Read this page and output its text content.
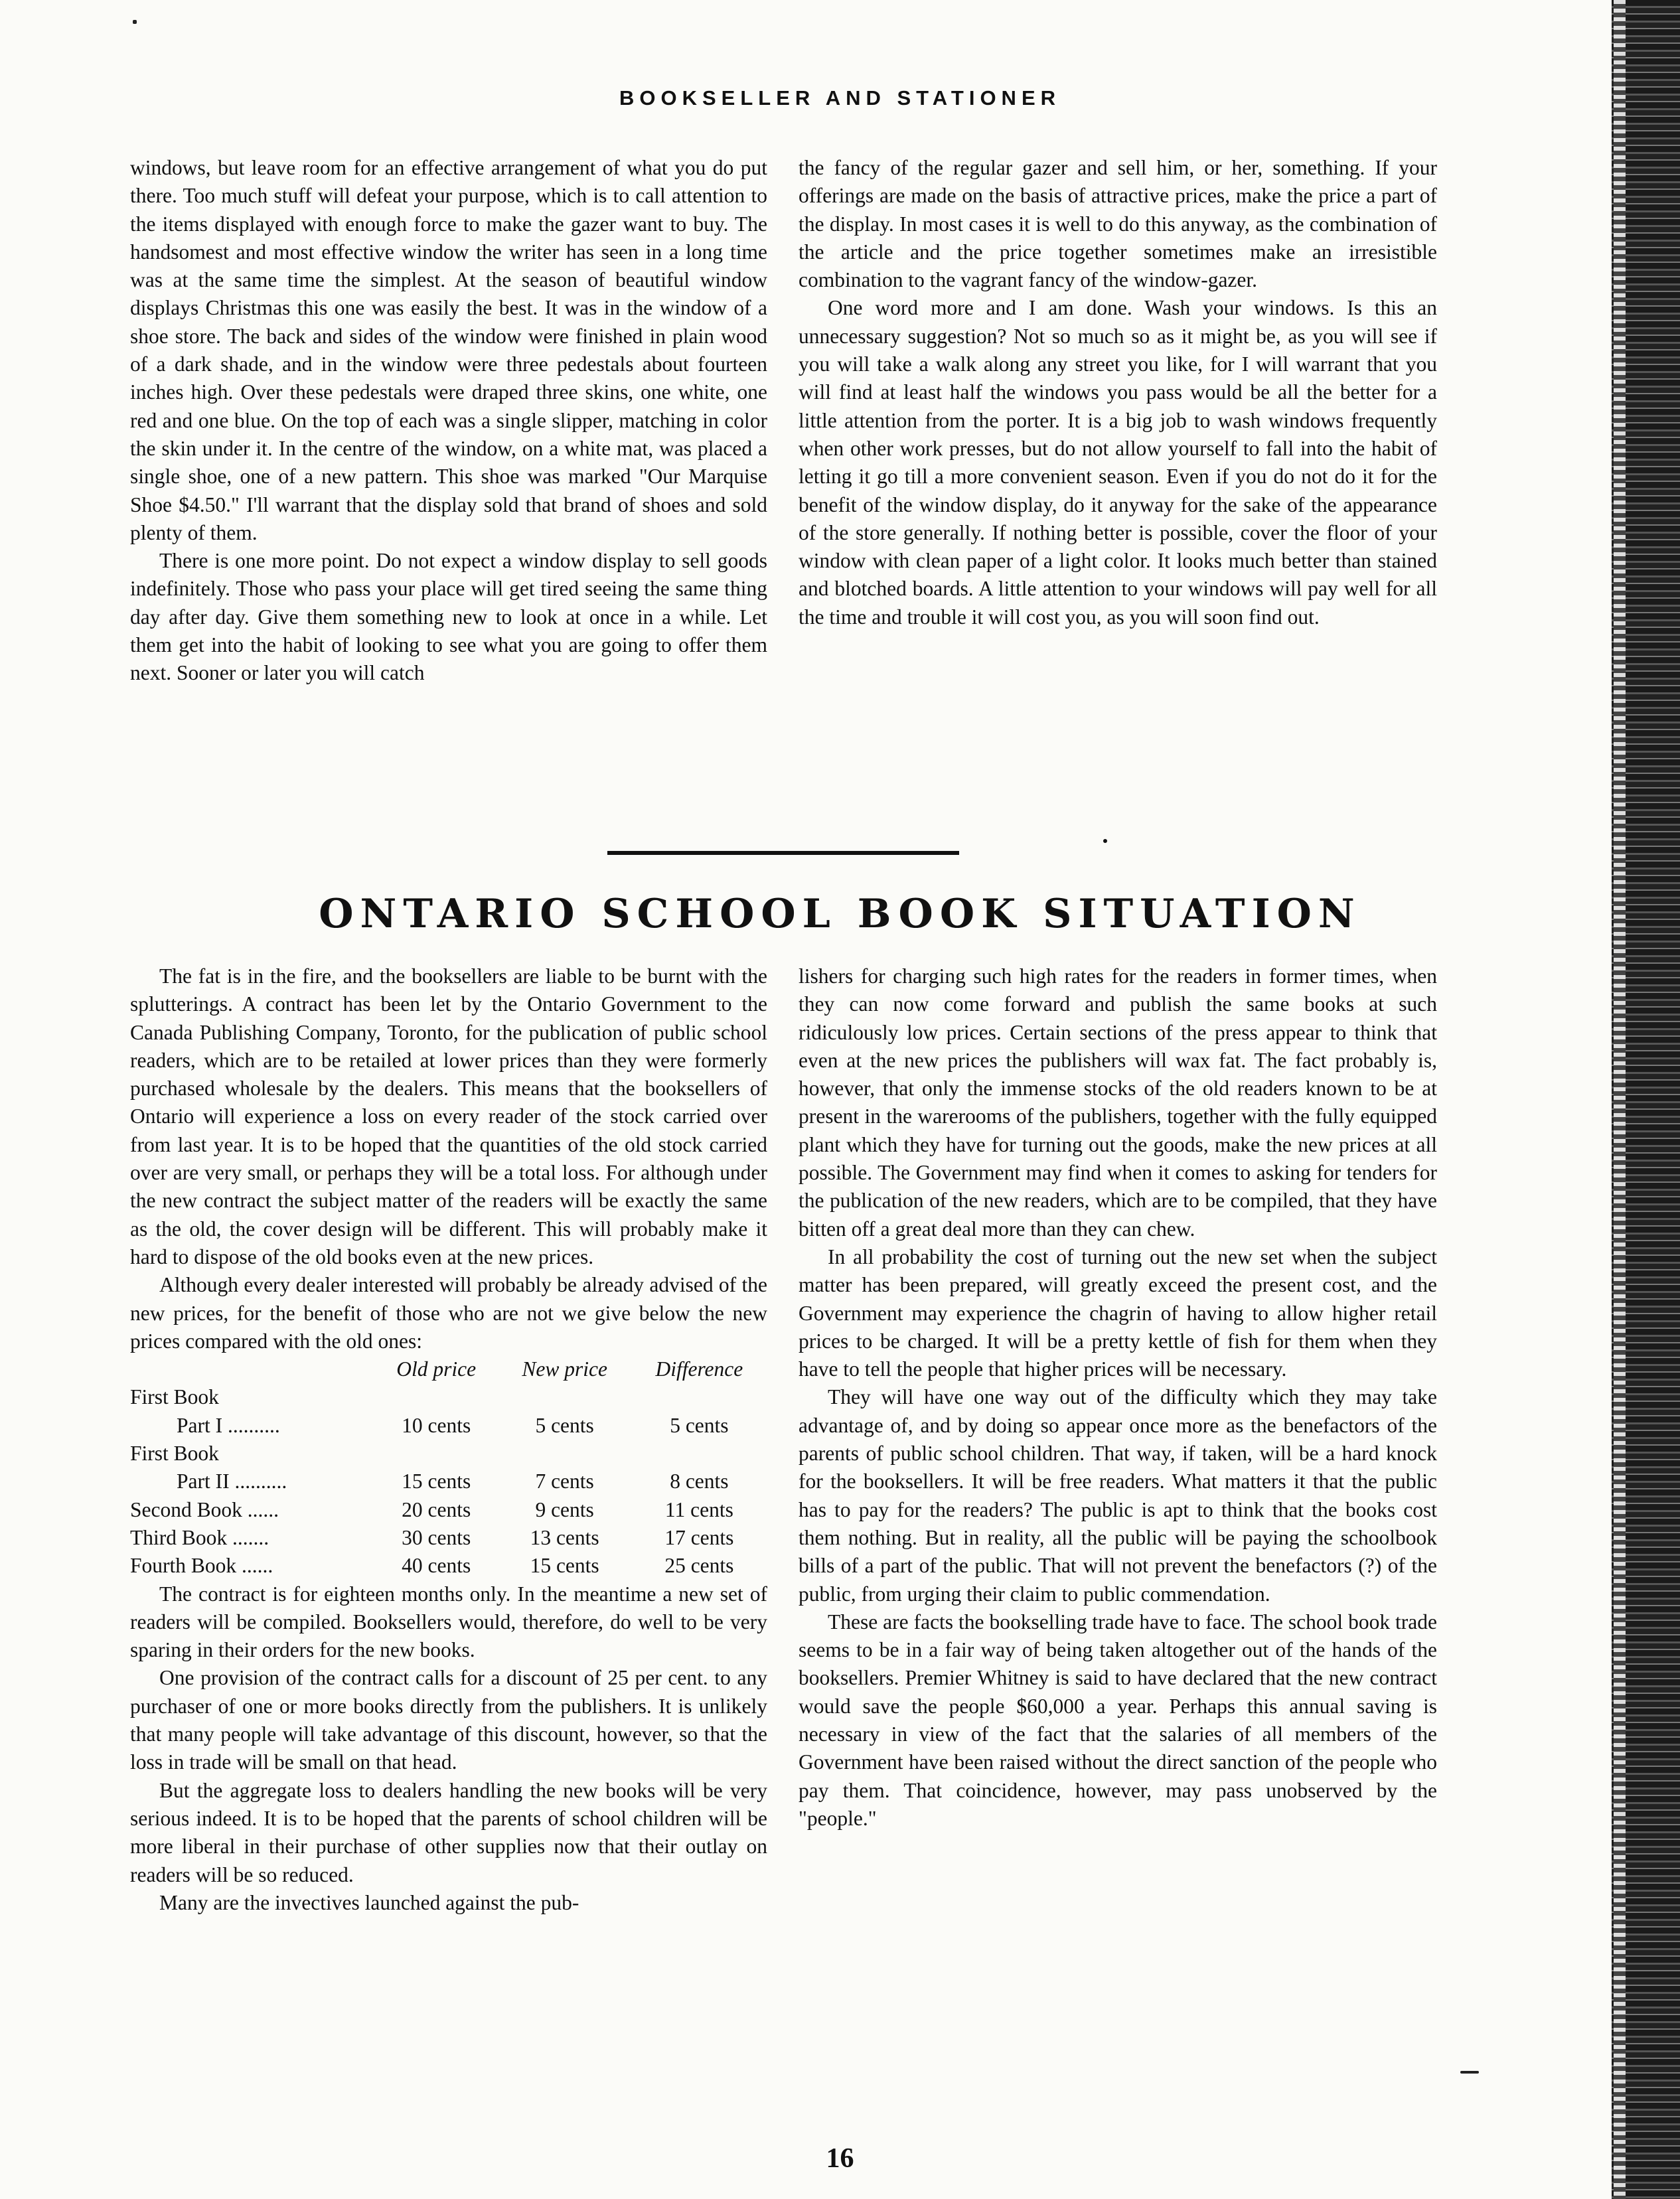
BOOKSELLER AND STATIONER

windows, but leave room for an effective arrangement of what you do put there. Too much stuff will defeat your purpose, which is to call attention to the items displayed with enough force to make the gazer want to buy. The handsomest and most effective window the writer has seen in a long time was at the same time the simplest. At the season of beautiful window displays Christmas this one was easily the best. It was in the window of a shoe store. The back and sides of the window were finished in plain wood of a dark shade, and in the window were three pedestals about fourteen inches high. Over these pedestals were draped three skins, one white, one red and one blue. On the top of each was a single slipper, matching in color the skin under it. In the centre of the window, on a white mat, was placed a single shoe, one of a new pattern. This shoe was marked "Our Marquise Shoe $4.50." I'll warrant that the display sold that brand of shoes and sold plenty of them.

There is one more point. Do not expect a window display to sell goods indefinitely. Those who pass your place will get tired seeing the same thing day after day. Give them something new to look at once in a while. Let them get into the habit of looking to see what you are going to offer them next. Sooner or later you will catch

the fancy of the regular gazer and sell him, or her, something. If your offerings are made on the basis of attractive prices, make the price a part of the display. In most cases it is well to do this anyway, as the combination of the article and the price together sometimes make an irresistible combination to the vagrant fancy of the window-gazer.

One word more and I am done. Wash your windows. Is this an unnecessary suggestion? Not so much so as it might be, as you will see if you will take a walk along any street you like, for I will warrant that you will find at least half the windows you pass would be all the better for a little attention from the porter. It is a big job to wash windows frequently when other work presses, but do not allow yourself to fall into the habit of letting it go till a more convenient season. Even if you do not do it for the benefit of the window display, do it anyway for the sake of the appearance of the store generally. If nothing better is possible, cover the floor of your window with clean paper of a light color. It looks much better than stained and blotched boards. A little attention to your windows will pay well for all the time and trouble it will cost you, as you will soon find out.

ONTARIO SCHOOL BOOK SITUATION

The fat is in the fire, and the booksellers are liable to be burnt with the splutterings. A contract has been let by the Ontario Government to the Canada Publishing Company, Toronto, for the publication of public school readers, which are to be retailed at lower prices than they were formerly purchased wholesale by the dealers. This means that the booksellers of Ontario will experience a loss on every reader of the stock carried over from last year. It is to be hoped that the quantities of the old stock carried over are very small, or perhaps they will be a total loss. For although under the new contract the subject matter of the readers will be exactly the same as the old, the cover design will be different. This will probably make it hard to dispose of the old books even at the new prices.

Although every dealer interested will probably be already advised of the new prices, for the benefit of those who are not we give below the new prices compared with the old ones:

	Old price	New price	Difference
First Book			
Part I ..........	10 cents	5 cents	5 cents
First Book			
Part II ..........	15 cents	7 cents	8 cents
Second Book ......	20 cents	9 cents	11 cents
Third Book .......	30 cents	13 cents	17 cents
Fourth Book ......	40 cents	15 cents	25 cents

The contract is for eighteen months only. In the meantime a new set of readers will be compiled. Booksellers would, therefore, do well to be very sparing in their orders for the new books.

One provision of the contract calls for a discount of 25 per cent. to any purchaser of one or more books directly from the publishers. It is unlikely that many people will take advantage of this discount, however, so that the loss in trade will be small on that head.

But the aggregate loss to dealers handling the new books will be very serious indeed. It is to be hoped that the parents of school children will be more liberal in their purchase of other supplies now that their outlay on readers will be so reduced.

Many are the invectives launched against the pub-

lishers for charging such high rates for the readers in former times, when they can now come forward and publish the same books at such ridiculously low prices. Certain sections of the press appear to think that even at the new prices the publishers will wax fat. The fact probably is, however, that only the immense stocks of the old readers known to be at present in the warerooms of the publishers, together with the fully equipped plant which they have for turning out the goods, make the new prices at all possible. The Government may find when it comes to asking for tenders for the publication of the new readers, which are to be compiled, that they have bitten off a great deal more than they can chew.

In all probability the cost of turning out the new set when the subject matter has been prepared, will greatly exceed the present cost, and the Government may experience the chagrin of having to allow higher retail prices to be charged. It will be a pretty kettle of fish for them when they have to tell the people that higher prices will be necessary.

They will have one way out of the difficulty which they may take advantage of, and by doing so appear once more as the benefactors of the parents of public school children. That way, if taken, will be a hard knock for the booksellers. It will be free readers. What matters it that the public has to pay for the readers? The public is apt to think that the books cost them nothing. But in reality, all the public will be paying the schoolbook bills of a part of the public. That will not prevent the benefactors (?) of the public, from urging their claim to public commendation.

These are facts the bookselling trade have to face. The school book trade seems to be in a fair way of being taken altogether out of the hands of the booksellers. Premier Whitney is said to have declared that the new contract would save the people $60,000 a year. Perhaps this annual saving is necessary in view of the fact that the salaries of all members of the Government have been raised without the direct sanction of the people who pay them. That coincidence, however, may pass unobserved by the "people."

16
